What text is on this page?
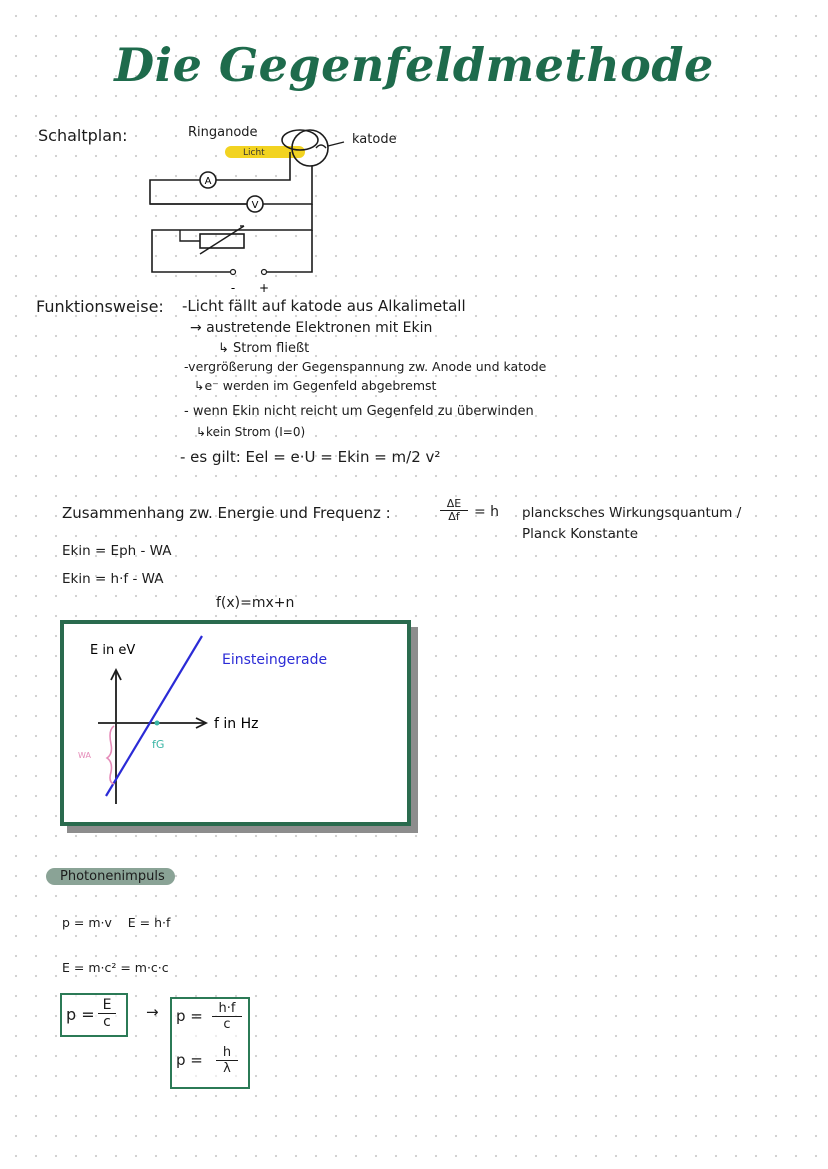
Die Gegenfeldmethode
Schaltplan:
A
V
- +
Ringanode
Licht
katode
Funktionsweise: -Licht fällt auf katode aus Alkalimetall
→ austretende Elektronen mit Ekin
↳ Strom fließt
-vergrößerung der Gegenspannung zw. Anode und katode
↳e⁻ werden im Gegenfeld abgebremst
- wenn Ekin nicht reicht um Gegenfeld zu überwinden
↳kein Strom (I=0)
- es gilt: Eel = e·U = Ekin = m/2 v²
Zusammenhang zw. Energie und Frequenz :
ΔE
Δf	= h plancksches Wirkungsquantum /
Planck Konstante
Ekin = Eph - WA
Ekin = h·f - WA
f(x)=mx+n
E in eV
f in Hz
Einsteingerade
WA
fG
Photonenimpuls
p = m·v    E = h·f
E = m·c² = m·c·c
p = E
c
→ p =	h·f
c
p =	h
λ
